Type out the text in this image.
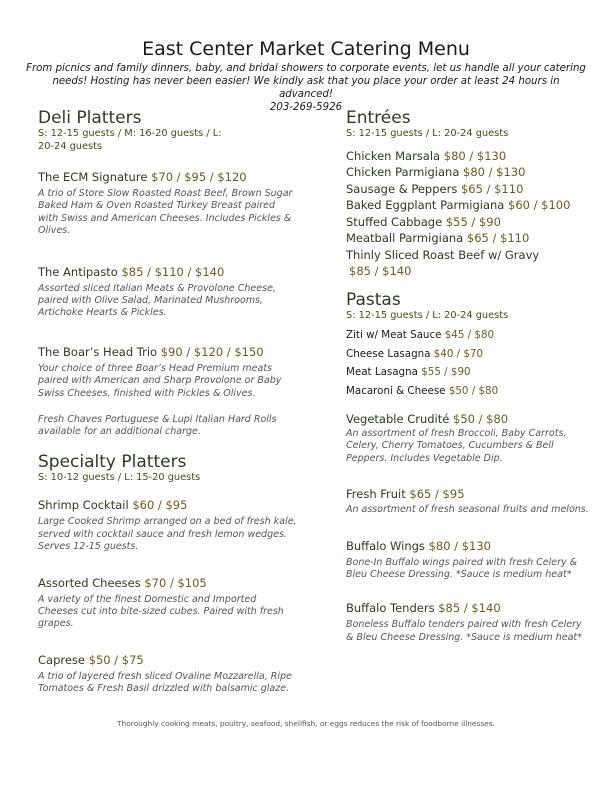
East Center Market Catering Menu
From picnics and family dinners, baby, and bridal showers to corporate events, let us handle all your catering needs! Hosting has never been easier! We kindly ask that you place your order at least 24 hours in advanced!
203-269-5926
Deli Platters
S: 12-15 guests / M: 16-20 guests / L: 20-24 guests
The ECM Signature $70 / $95 / $120
A trio of Store Slow Roasted Roast Beef, Brown Sugar Baked Ham & Oven Roasted Turkey Breast paired with Swiss and American Cheeses. Includes Pickles & Olives.
The Antipasto $85 / $110 / $140
Assorted sliced Italian Meats & Provolone Cheese, paired with Olive Salad, Marinated Mushrooms, Artichoke Hearts & Pickles.
The Boar’s Head Trio $90 / $120 / $150
Your choice of three Boar’s Head Premium meats paired with American and Sharp Provolone or Baby Swiss Cheeses, finished with Pickles & Olives.
Fresh Chaves Portuguese & Lupi Italian Hard Rolls available for an additional charge.
Specialty Platters
S: 10-12 guests / L: 15-20 guests
Shrimp Cocktail $60 / $95
Large Cooked Shrimp arranged on a bed of fresh kale, served with cocktail sauce and fresh lemon wedges. Serves 12-15 guests.
Assorted Cheeses $70 / $105
A variety of the finest Domestic and Imported Cheeses cut into bite-sized cubes. Paired with fresh grapes.
Caprese $50 / $75
A trio of layered fresh sliced Ovaline Mozzarella, Ripe Tomatoes & Fresh Basil drizzled with balsamic glaze.
Entrées
S: 12-15 guests / L: 20-24 guests
Chicken Marsala $80 / $130
Chicken Parmigiana $80 / $130
Sausage & Peppers $65 / $110
Baked Eggplant Parmigiana $60 / $100
Stuffed Cabbage $55 / $90
Meatball Parmigiana $65 / $110
Thinly Sliced Roast Beef w/ Gravy
$85 / $140
Pastas
S: 12-15 guests / L: 20-24 guests
Ziti w/ Meat Sauce $45 / $80
Cheese Lasagna $40 / $70
Meat Lasagna $55 / $90
Macaroni & Cheese $50 / $80
Vegetable Crudité $50 / $80
An assortment of fresh Broccoli, Baby Carrots, Celery, Cherry Tomatoes, Cucumbers & Bell Peppers. Includes Vegetable Dip.
Fresh Fruit $65 / $95
An assortment of fresh seasonal fruits and melons.
Buffalo Wings $80 / $130
Bone-In Buffalo wings paired with fresh Celery & Bleu Cheese Dressing. *Sauce is medium heat*
Buffalo Tenders $85 / $140
Boneless Buffalo tenders paired with fresh Celery & Bleu Cheese Dressing. *Sauce is medium heat*
Thoroughly cooking meats, poultry, seafood, shellfish, or eggs reduces the risk of foodborne illnesses.
